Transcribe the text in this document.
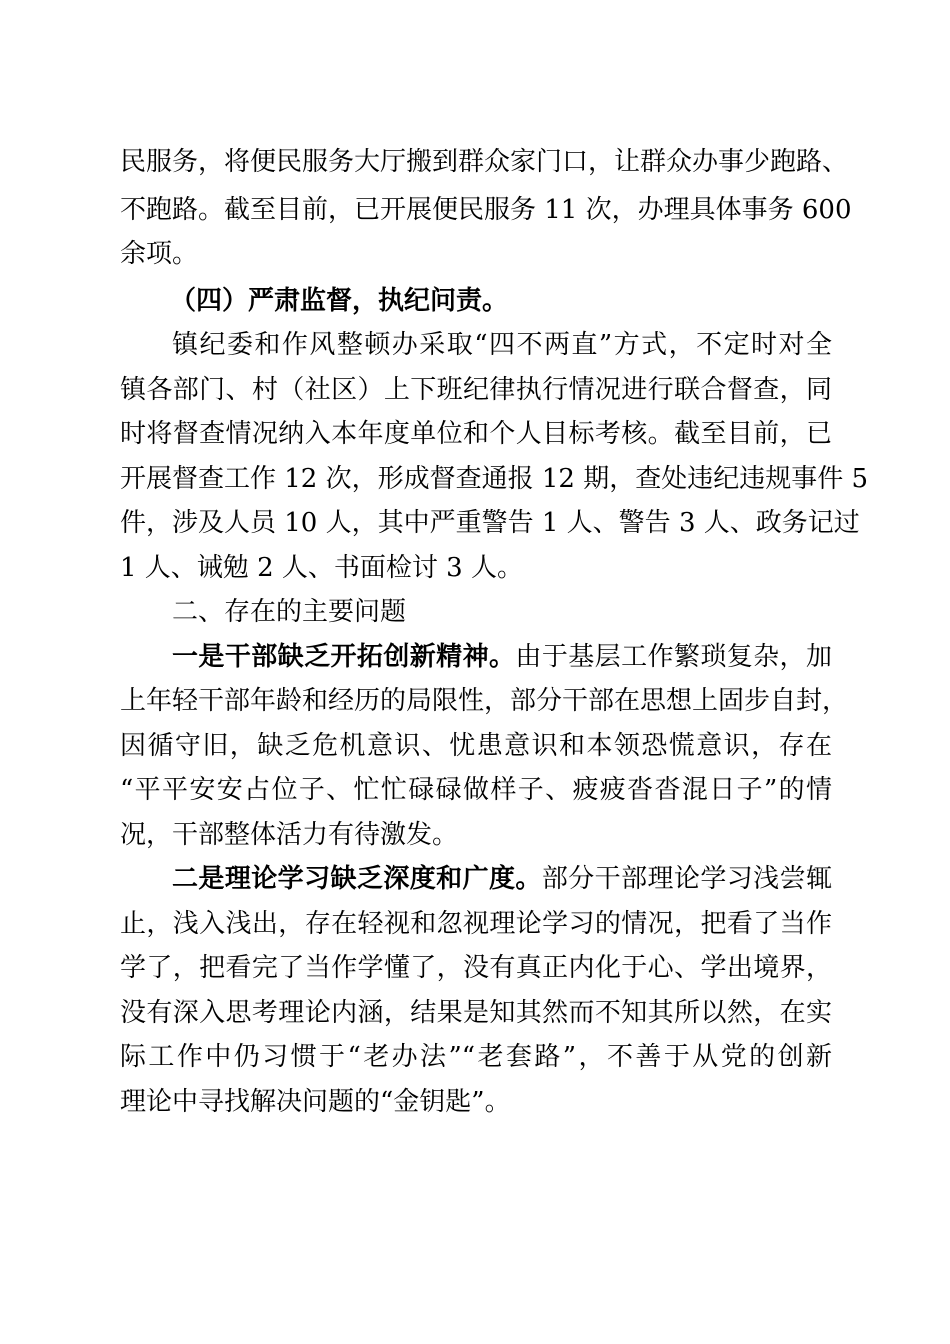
民服务，将便民服务大厅搬到群众家门口，让群众办事少跑路、
不跑路。截至目前，已开展便民服务 11 次，办理具体事务 600
余项。
（四）严肃监督，执纪问责。
镇纪委和作风整顿办采取“四不两直”方式，不定时对全
镇各部门、村（社区）上下班纪律执行情况进行联合督查，同
时将督查情况纳入本年度单位和个人目标考核。截至目前，已
开展督查工作 12 次，形成督查通报 12 期，查处违纪违规事件 5
件，涉及人员 10 人，其中严重警告 1 人、警告 3 人、政务记过
1 人、诫勉 2 人、书面检讨 3 人。
二、存在的主要问题
一是干部缺乏开拓创新精神。由于基层工作繁琐复杂，加
上年轻干部年龄和经历的局限性，部分干部在思想上固步自封，
因循守旧，缺乏危机意识、忧患意识和本领恐慌意识，存在
“平平安安占位子、忙忙碌碌做样子、疲疲沓沓混日子”的情
况，干部整体活力有待激发。
二是理论学习缺乏深度和广度。部分干部理论学习浅尝辄
止，浅入浅出，存在轻视和忽视理论学习的情况，把看了当作
学了，把看完了当作学懂了，没有真正内化于心、学出境界，
没有深入思考理论内涵，结果是知其然而不知其所以然，在实
际工作中仍习惯于“老办法”“老套路”，不善于从党的创新
理论中寻找解决问题的“金钥匙”。
